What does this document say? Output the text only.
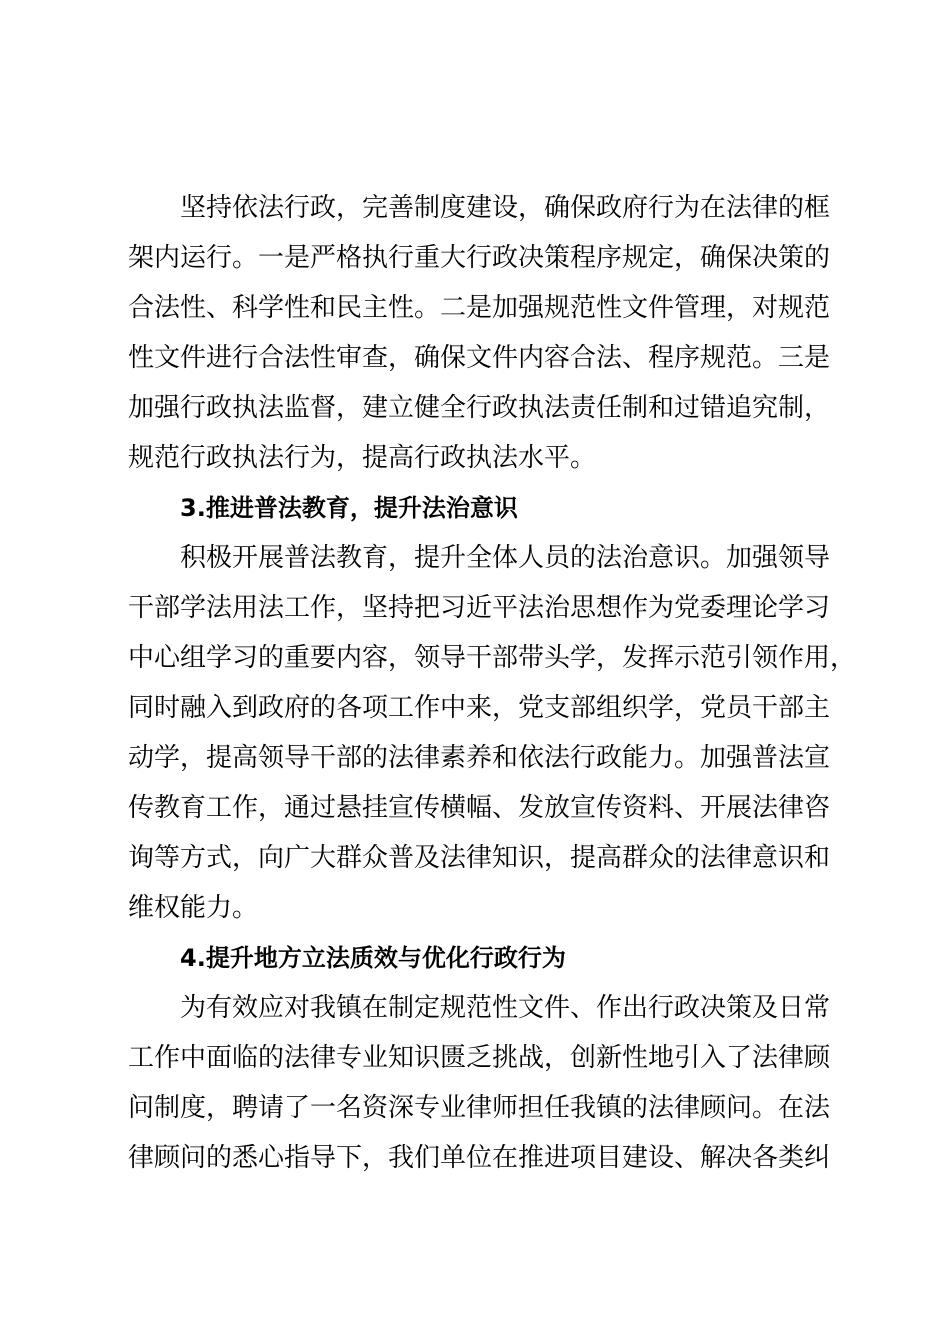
坚持依法行政，完善制度建设，确保政府行为在法律的框
架内运行。一是严格执行重大行政决策程序规定，确保决策的
合法性、科学性和民主性。二是加强规范性文件管理，对规范
性文件进行合法性审查，确保文件内容合法、程序规范。三是
加强行政执法监督，建立健全行政执法责任制和过错追究制，
规范行政执法行为，提高行政执法水平。
3.推进普法教育，提升法治意识
积极开展普法教育，提升全体人员的法治意识。加强领导
干部学法用法工作，坚持把习近平法治思想作为党委理论学习
中心组学习的重要内容，领导干部带头学，发挥示范引领作用，
同时融入到政府的各项工作中来，党支部组织学，党员干部主
动学，提高领导干部的法律素养和依法行政能力。加强普法宣
传教育工作，通过悬挂宣传横幅、发放宣传资料、开展法律咨
询等方式，向广大群众普及法律知识，提高群众的法律意识和
维权能力。
4.提升地方立法质效与优化行政行为
为有效应对我镇在制定规范性文件、作出行政决策及日常
工作中面临的法律专业知识匮乏挑战，创新性地引入了法律顾
问制度，聘请了一名资深专业律师担任我镇的法律顾问。在法
律顾问的悉心指导下，我们单位在推进项目建设、解决各类纠
